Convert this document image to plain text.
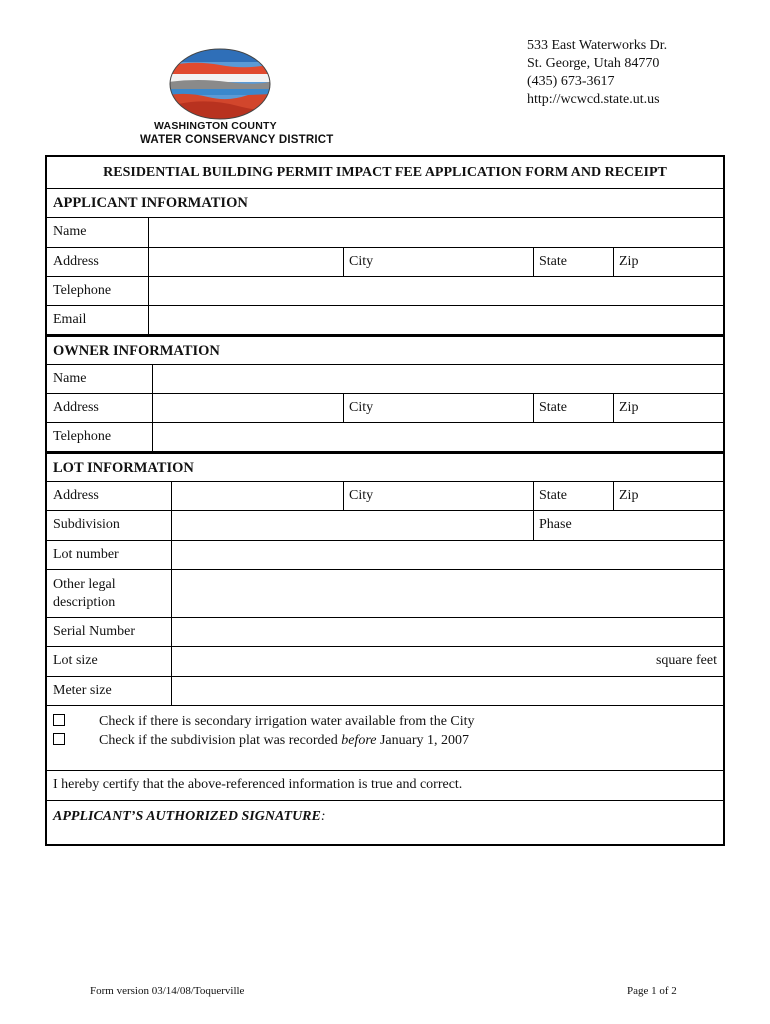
WASHINGTON COUNTY
WATER CONSERVANCY DISTRICT
533 East Waterworks Dr.
St. George, Utah 84770
(435) 673-3617
http://wcwcd.state.ut.us
RESIDENTIAL BUILDING PERMIT IMPACT FEE APPLICATION FORM AND RECEIPT
APPLICANT INFORMATION
Name
Address	City	State	Zip
Telephone
Email
OWNER INFORMATION
Name
Address	City	State	Zip
Telephone
LOT INFORMATION
Address	City	State	Zip
Subdivision	Phase
Lot number
Other legal
description
Serial Number
Lot size	square feet
Meter size
Check if there is secondary irrigation water available from the City
Check if the subdivision plat was recorded before January 1, 2007
I hereby certify that the above-referenced information is true and correct.
APPLICANT’S AUTHORIZED SIGNATURE:
Form version 03/14/08/Toquerville	Page 1 of 2
